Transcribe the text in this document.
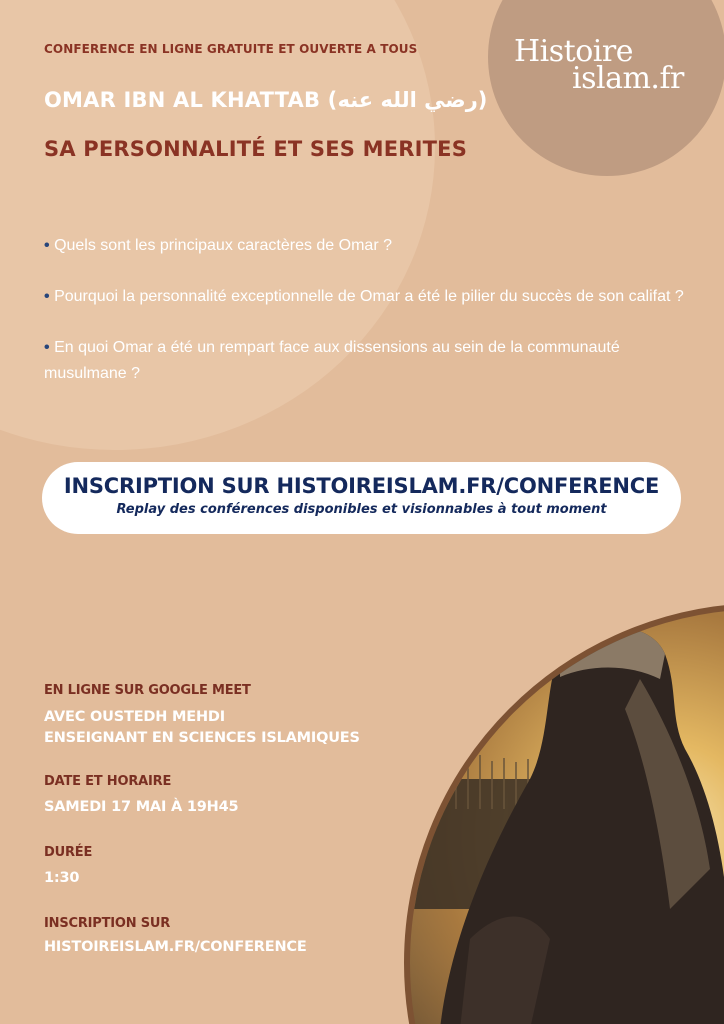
Histoire
islam.fr
CONFERENCE EN LIGNE GRATUITE ET OUVERTE A TOUS
OMAR IBN AL KHATTAB (رضي الله عنه)
SA PERSONNALITÉ ET SES MERITES
• Quels sont les principaux caractères de Omar ?
• Pourquoi la personnalité exceptionnelle de Omar a été le pilier du succès de son califat ?
• En quoi Omar a été un rempart face aux dissensions au sein de la communauté musulmane ?
INSCRIPTION SUR HISTOIREISLAM.FR/CONFERENCE
Replay des conférences disponibles et visionnables à tout moment
EN LIGNE SUR GOOGLE MEET
AVEC OUSTEDH MEHDI
ENSEIGNANT EN SCIENCES ISLAMIQUES
DATE ET HORAIRE
SAMEDI 17 MAI À 19H45
DURÉE
1:30
INSCRIPTION SUR
HISTOIREISLAM.FR/CONFERENCE
